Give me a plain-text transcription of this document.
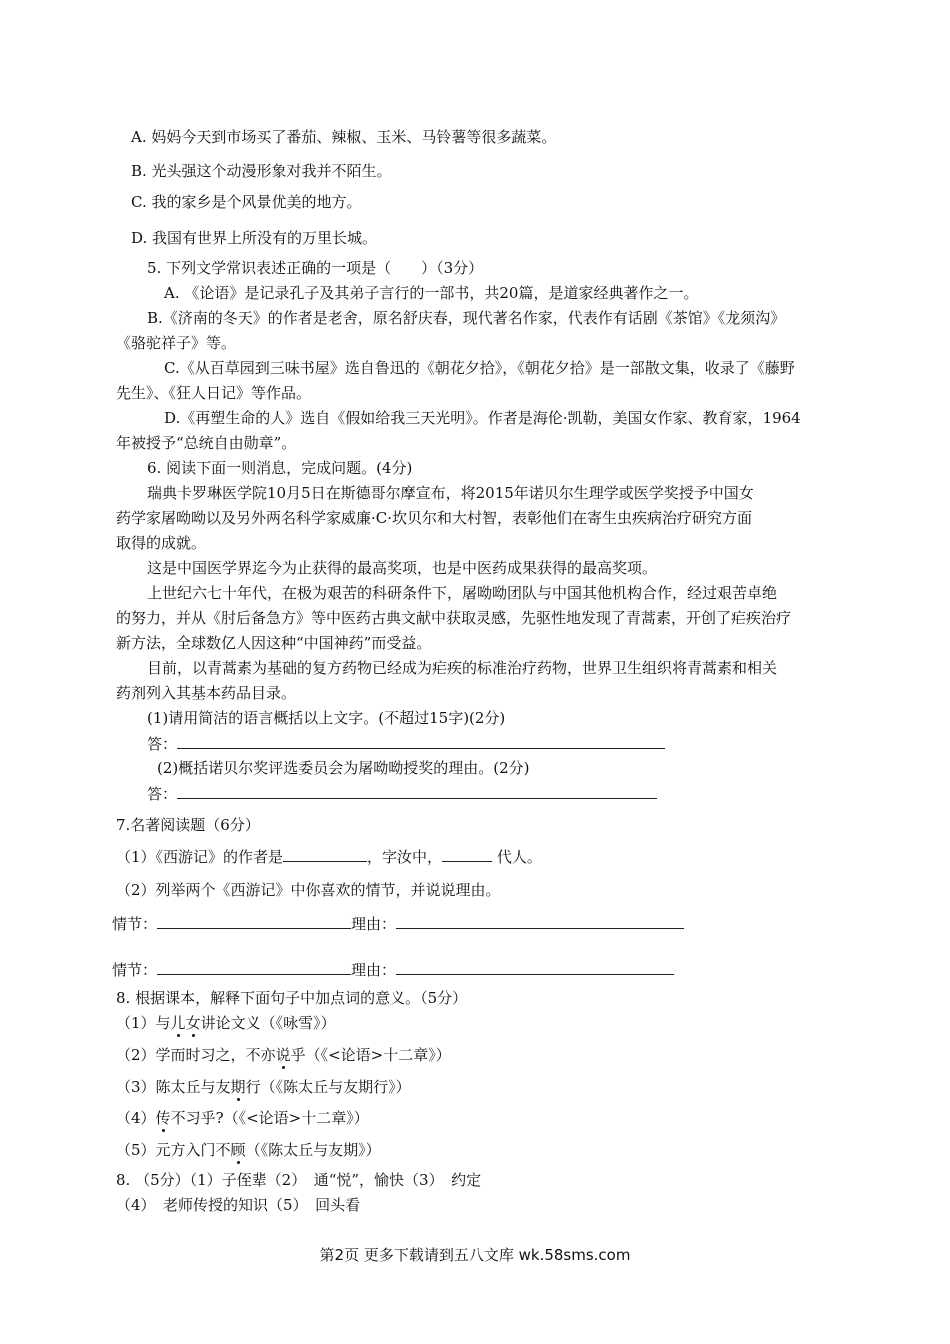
A. 妈妈今天到市场买了番茄、辣椒、玉米、马铃薯等很多蔬菜。
B. 光头强这个动漫形象对我并不陌生。
C. 我的家乡是个风景优美的地方。
D. 我国有世界上所没有的万里长城。
5. 下列文学常识表述正确的一项是（　　）（3分）
A. 《论语》是记录孔子及其弟子言行的一部书，共20篇，是道家经典著作之一。
B.《济南的冬天》的作者是老舍，原名舒庆春，现代著名作家，代表作有话剧《茶馆》《龙须沟》
《骆驼祥子》等。
C.《从百草园到三味书屋》选自鲁迅的《朝花夕拾》，《朝花夕拾》是一部散文集，收录了《藤野
先生》、《狂人日记》等作品。
D.《再塑生命的人》选自《假如给我三天光明》。作者是海伦·凯勒，美国女作家、教育家，1964
年被授予“总统自由勋章”。
6. 阅读下面一则消息，完成问题。(4分)
瑞典卡罗琳医学院10月5日在斯德哥尔摩宣布，将2015年诺贝尔生理学或医学奖授予中国女
药学家屠呦呦以及另外两名科学家威廉·C·坎贝尔和大村智，表彰他们在寄生虫疾病治疗研究方面
取得的成就。
这是中国医学界迄今为止获得的最高奖项，也是中医药成果获得的最高奖项。
上世纪六七十年代，在极为艰苦的科研条件下，屠呦呦团队与中国其他机构合作，经过艰苦卓绝
的努力，并从《肘后备急方》等中医药古典文献中获取灵感，先驱性地发现了青蒿素，开创了疟疾治疗
新方法，全球数亿人因这种“中国神药”而受益。
目前，以青蒿素为基础的复方药物已经成为疟疾的标准治疗药物，世界卫生组织将青蒿素和相关
药剂列入其基本药品目录。
(1)请用简洁的语言概括以上文字。(不超过15字)(2分)
答：
(2)概括诺贝尔奖评选委员会为屠呦呦授奖的理由。(2分)
答：
7.名著阅读题（6分）
（1）《西游记》的作者是	，字汝中，	代人。
（2）列举两个《西游记》中你喜欢的情节，并说说理由。
情节：	理由：
情节：	理由：
8. 根据课本，解释下面句子中加点词的意义。（5分）
（1）与儿女讲论文义（《咏雪》）
（2）学而时习之，不亦说乎（《<论语>十二章》）
（3）陈太丘与友期行（《陈太丘与友期行》）
（4）传不习乎?（《<论语>十二章》）
（5）元方入门不顾（《陈太丘与友期》）
8. （5分）（1）子侄辈（2）　通“悦”，愉快（3）　约定
（4）　老师传授的知识（5）　回头看
第2页 更多下载请到五八文库 wk.58sms.com
